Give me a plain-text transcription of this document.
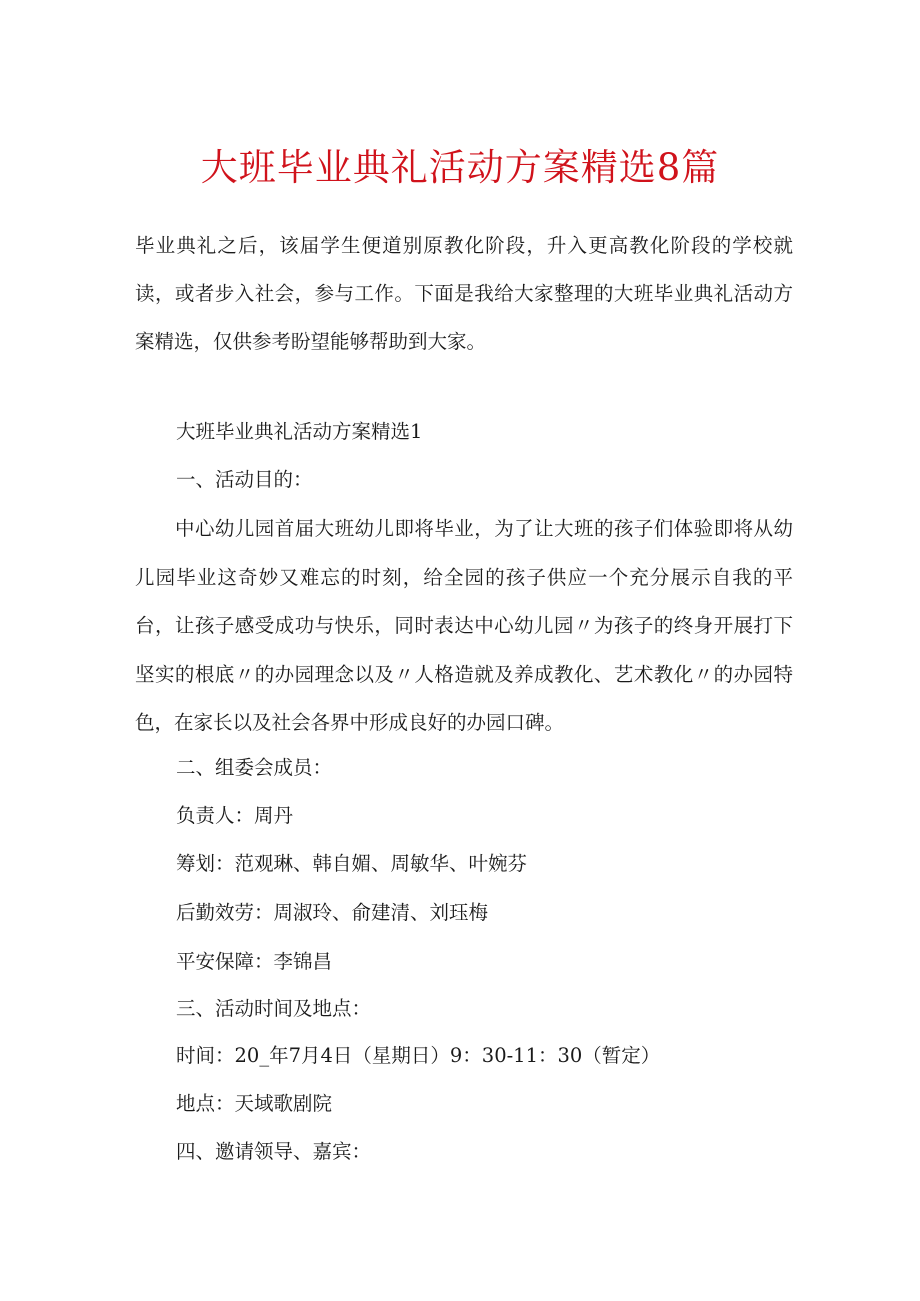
大班毕业典礼活动方案精选8篇
毕业典礼之后，该届学生便道别原教化阶段，升入更高教化阶段的学校就读，或者步入社会，参与工作。下面是我给大家整理的大班毕业典礼活动方案精选，仅供参考盼望能够帮助到大家。
大班毕业典礼活动方案精选1
一、活动目的：
中心幼儿园首届大班幼儿即将毕业，为了让大班的孩子们体验即将从幼儿园毕业这奇妙又难忘的时刻，给全园的孩子供应一个充分展示自我的平台，让孩子感受成功与快乐，同时表达中心幼儿园〃为孩子的终身开展打下坚实的根底〃的办园理念以及〃人格造就及养成教化、艺术教化〃的办园特色，在家长以及社会各界中形成良好的办园口碑。
二、组委会成员：
负责人：周丹
筹划：范观琳、韩自媚、周敏华、叶婉芬
后勤效劳：周淑玲、俞建清、刘珏梅
平安保障：李锦昌
三、活动时间及地点：
时间：20_年7月4日（星期日）9：30-11：30（暂定）
地点：天域歌剧院
四、邀请领导、嘉宾：
